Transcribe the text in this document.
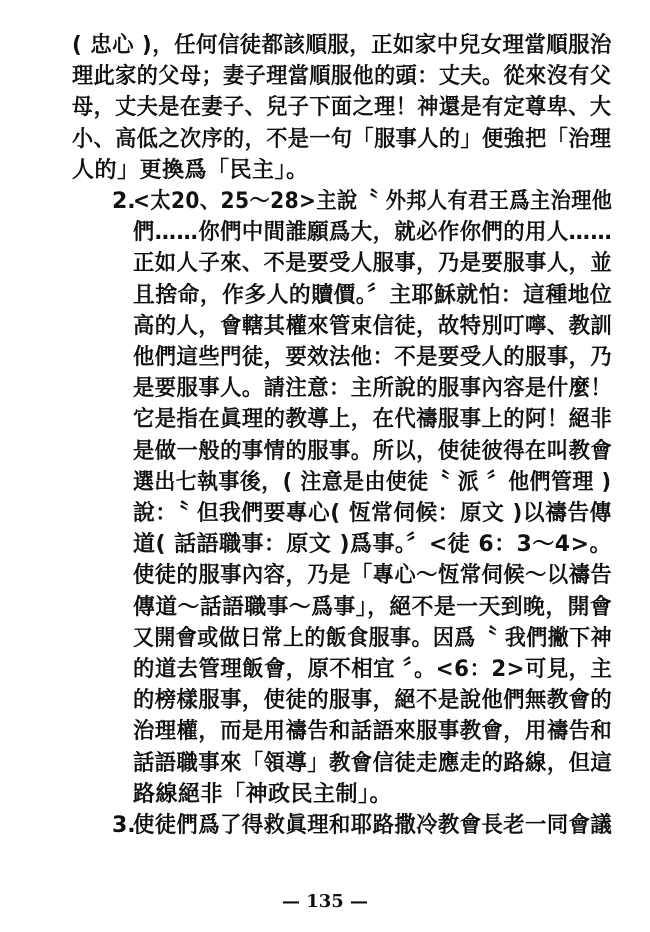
( 忠心 )，任何信徒都該順服，正如家中兒女理當順服治
理此家的父母；妻子理當順服他的頭：丈夫。從來沒有父
母，丈夫是在妻子、兒子下面之理！神還是有定尊卑、大
小、高低之次序的，不是一句「服事人的」便強把「治理
人的」更換爲「民主」。
2.
<太20、25～28>主說〝 外邦人有君王爲主治理他
們……你們中間誰願爲大，就必作你們的用人……
正如人子來、不是要受人服事，乃是要服事人，並
且捨命，作多人的贖價。〞主耶穌就怕：這種地位
高的人，會轄其權來管束信徒，故特別叮嚀、教訓
他們這些門徒，要效法他：不是要受人的服事，乃
是要服事人。請注意：主所說的服事內容是什麼！
它是指在眞理的教導上，在代禱服事上的阿！絕非
是做一般的事情的服事。所以，使徒彼得在叫教會
選出七執事後，( 注意是由使徒〝 派 〞他們管理 )
說：〝 但我們要專心( 恆常伺候：原文 )以禱告傳
道( 話語職事：原文 )爲事。〞<徒 6：3～4>。
使徒的服事內容，乃是「專心～恆常伺候～以禱告
傳道～話語職事～爲事」，絕不是一天到晚，開會
又開會或做日常上的飯食服事。因爲〝 我們撇下神
的道去管理飯會，原不相宜 〞。<6：2>可見，主
的榜樣服事，使徒的服事，絕不是說他們無教會的
治理權，而是用禱告和話語來服事教會，用禱告和
話語職事來「領導」教會信徒走應走的路線，但這
路線絕非「神政民主制」。
— 135 —
3.
使徒們爲了得救眞理和耶路撒冷教會長老一同會議
